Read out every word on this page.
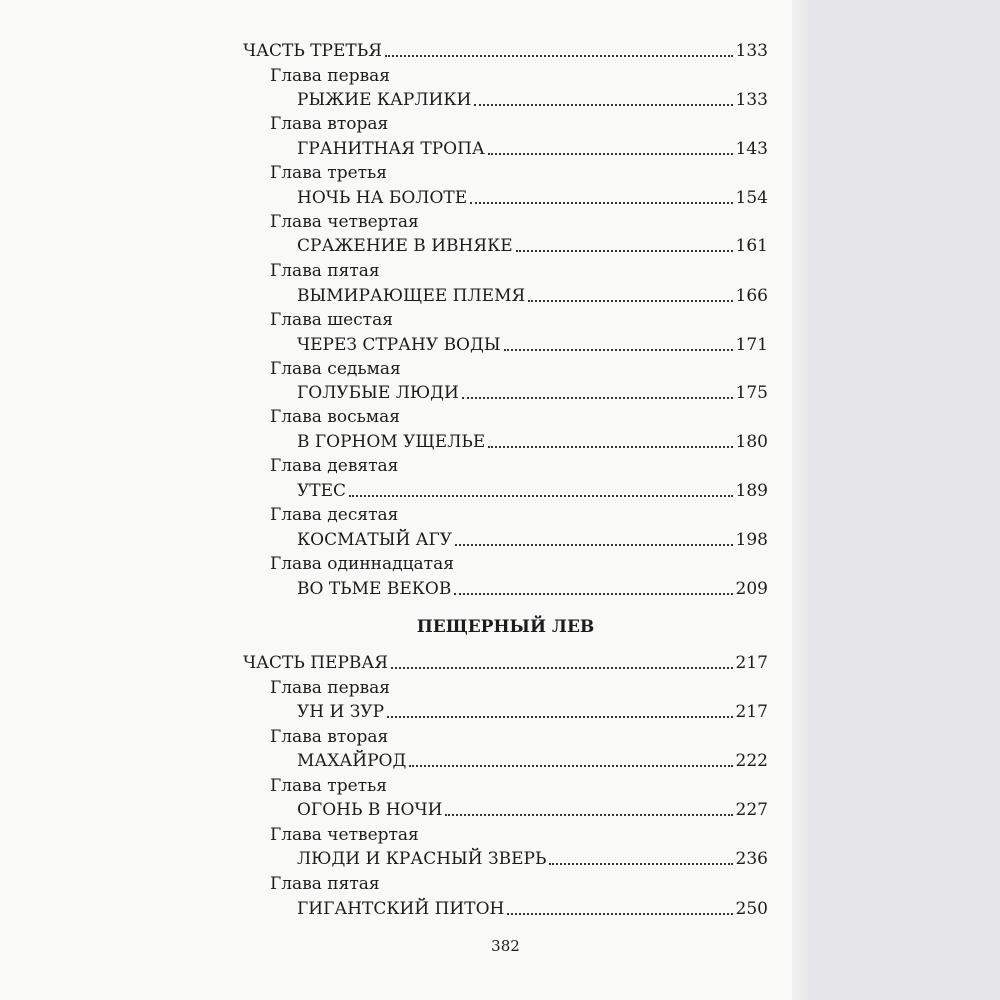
ЧАСТЬ ТРЕТЬЯ	133
Глава первая
РЫЖИЕ КАРЛИКИ	133
Глава вторая
ГРАНИТНАЯ ТРОПА	143
Глава третья
НОЧЬ НА БОЛОТЕ	154
Глава четвертая
СРАЖЕНИЕ В ИВНЯКЕ	161
Глава пятая
ВЫМИРАЮЩЕЕ ПЛЕМЯ	166
Глава шестая
ЧЕРЕЗ СТРАНУ ВОДЫ	171
Глава седьмая
ГОЛУБЫЕ ЛЮДИ	175
Глава восьмая
В ГОРНОМ УЩЕЛЬЕ	180
Глава девятая
УТЕС	189
Глава десятая
КОСМАТЫЙ АГУ	198
Глава одиннадцатая
ВО ТЬМЕ ВЕКОВ	209
ПЕЩЕРНЫЙ ЛЕВ
ЧАСТЬ ПЕРВАЯ	217
Глава первая
УН И ЗУР	217
Глава вторая
МАХАЙРОД	222
Глава третья
ОГОНЬ В НОЧИ	227
Глава четвертая
ЛЮДИ И КРАСНЫЙ ЗВЕРЬ	236
Глава пятая
ГИГАНТСКИЙ ПИТОН	250
382
